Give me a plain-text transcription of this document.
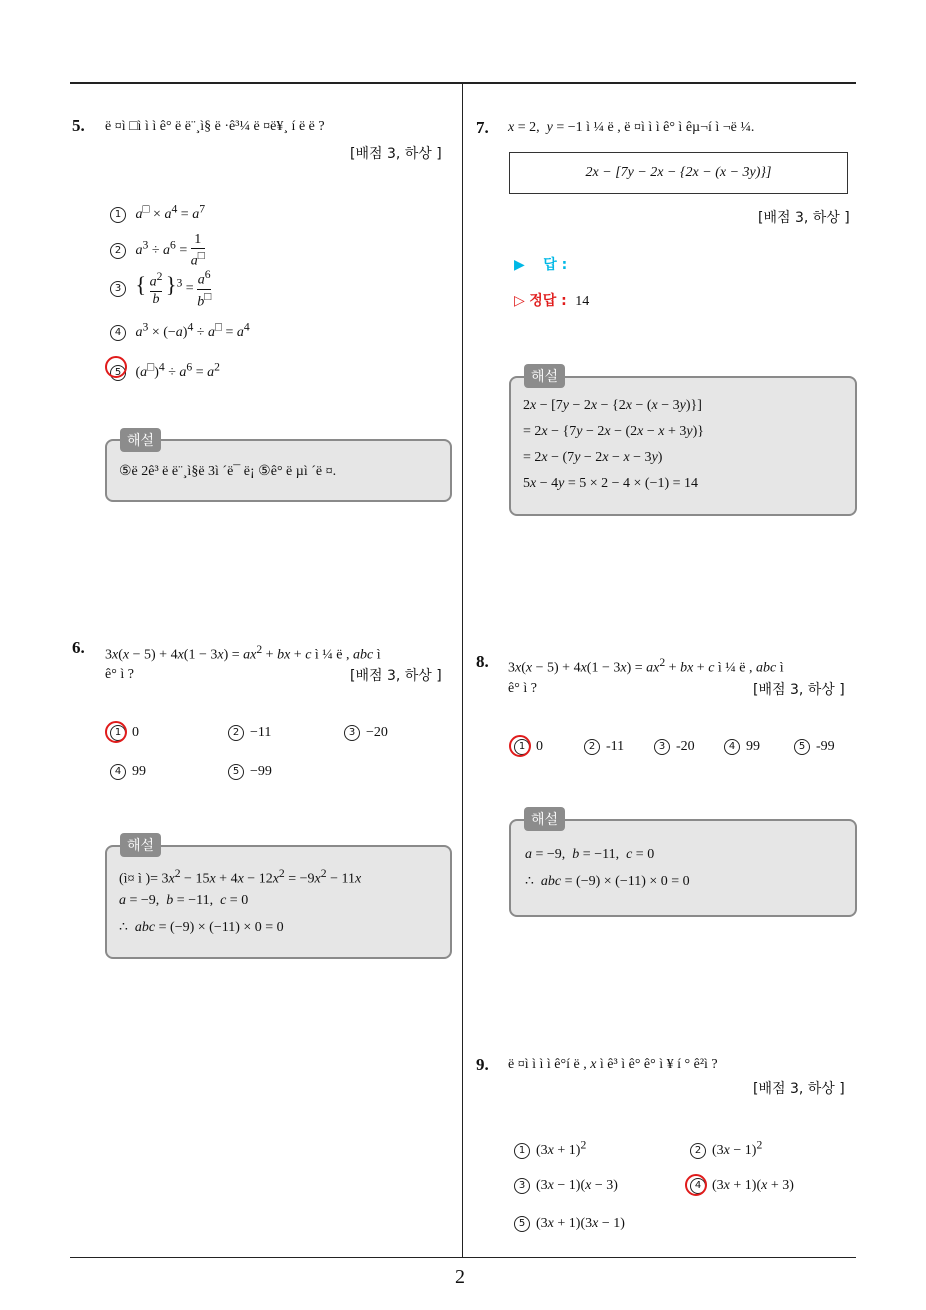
2
5. ë ¤ì □ì ì ì ê° ë ë¨¸ì§ ë ·ê³¼ ë ¤ë¥¸ í ë ë ?
[배점 3, 하상 ]
1 $a^□ \times a^4 = a^7$
2 $a^3 \div a^6 = \frac{1}{a^□}$
3 { $\frac{a^2}{b} \}^3 = \frac{a^6}{b^□}$
4 $a^3 \times (-a)^4 \div a^□ = a^4$
5 $(a^□)^4 \div a^6 = a^2$
⑤ë 2ê³ ë ë¨¸ì§ë 3ì ´ë¯ ë¡ ⑤ê° ë µì ´ë ¤.
해설
6. $3x(x - 5) + 4x(1 - 3x) = ax^2$ + bx + c ì ¼ ë , abc ì
ê° ì ?	[배점 3, 하상 ]
1 0	2 −11	3 −20
4 99	5 −99
(ì¤ ì )= $3x^2 - 15x + 4x - 12x^2 = -9x^2 - 11x$
a = −9,  b = −11,  c = 0
∴  abc = (−9) × (−11) × 0 = 0
해설
7. x = 2,  y = −1 ì ¼ ë , ë ¤ì ì ì ê° ì êµ¬í ì ¬ë ¼.
2x − [7y − 2x − {2x − (x − 3y)}]
[배점 3, 하상 ]
▶ 답 :
▷ 정답 : 14
2x − [7y − 2x − {2x − (x − 3y)}]
= 2x − {7y − 2x − (2x − x + 3y)}
= 2x − (7y − 2x − x − 3y)
5x − 4y = 5 × 2 − 4 × (−1) = 14
해설
8. $3x(x - 5) + 4x(1 - 3x) = ax^2$ + bx + c ì ¼ ë , abc ì
ê° ì ?	[배점 3, 하상 ]
1 0	2 -11	3 -20	4 99	5 -99
a = −9,  b = −11,  c = 0
∴  abc = (−9) × (−11) × 0 = 0
해설
9. ë ¤ì ì ì ì ê°í ë , x ì ê³ ì ê° ê° ì ¥ í ° ê²ì ?
[배점 3, 하상 ]
1 $(3x + 1)^2$	2 $(3x - 1)^2$
3 (3x − 1)(x − 3)	4 (3x + 1)(x + 3)
5 (3x + 1)(3x − 1)
